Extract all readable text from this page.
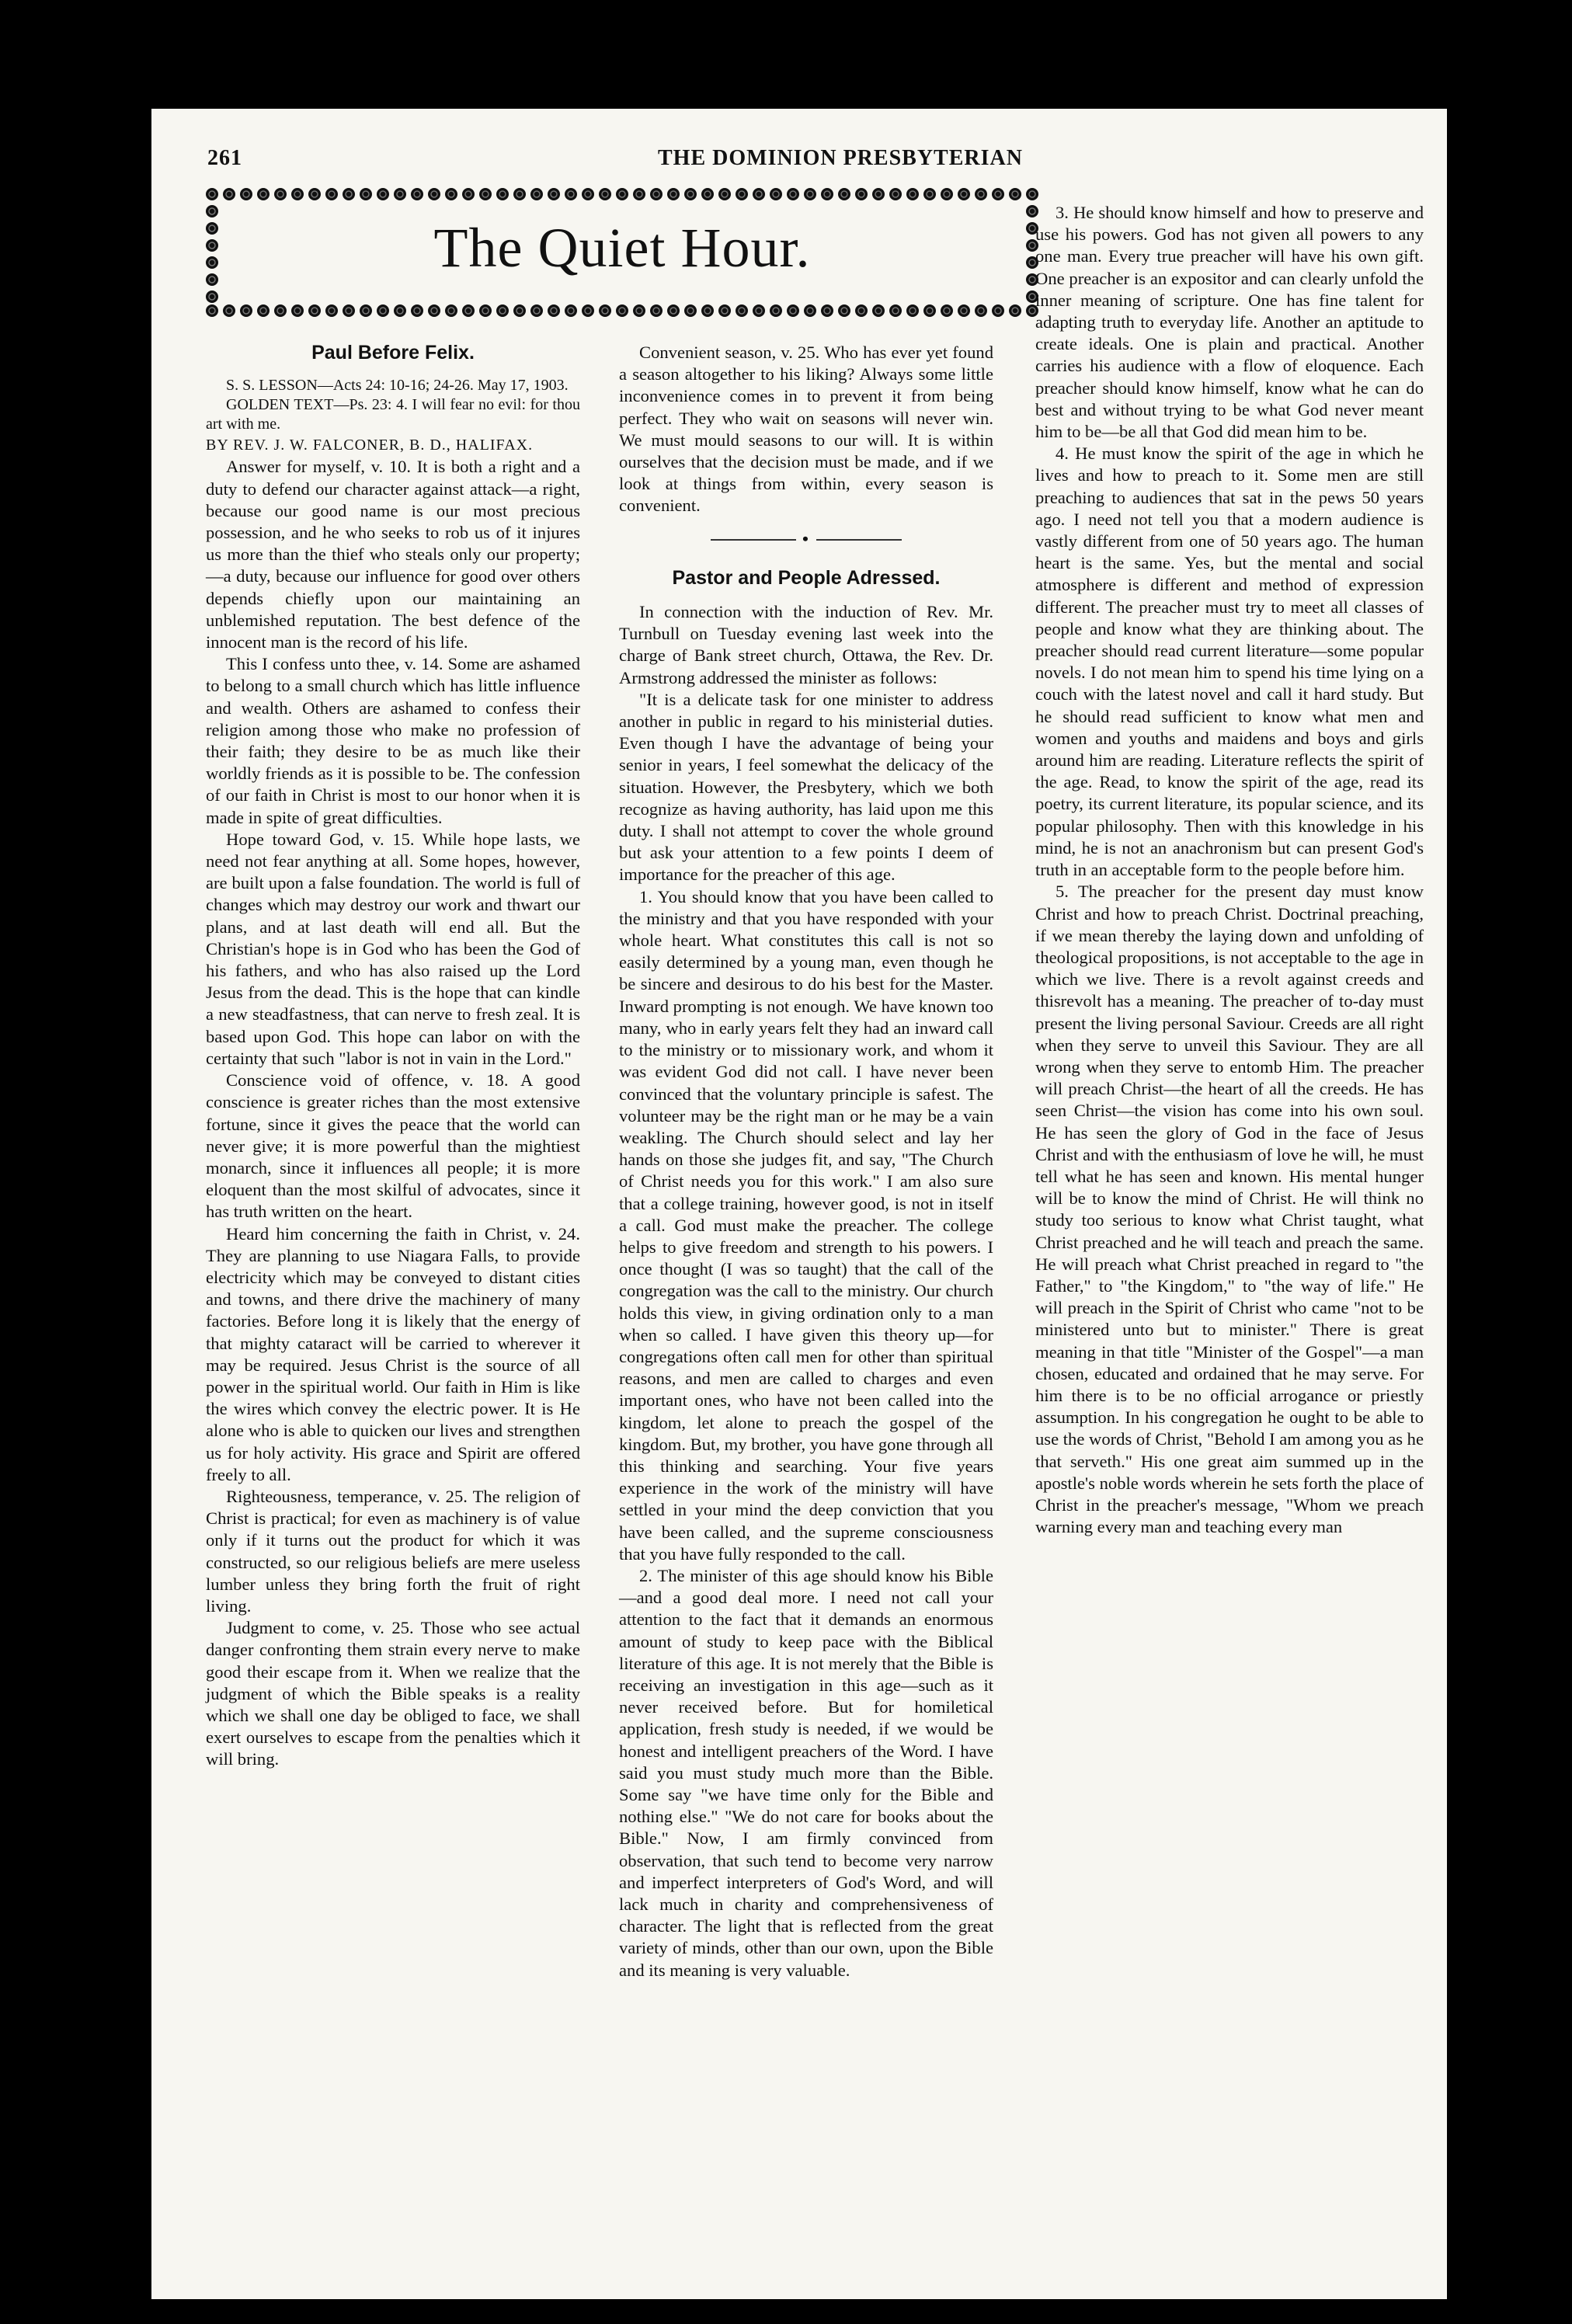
261	THE DOMINION PRESBYTERIAN
The Quiet Hour.
Paul Before Felix.

S. S. LESSON—Acts 24: 10-16; 24-26. May 17, 1903.

GOLDEN TEXT—Ps. 23: 4. I will fear no evil: for thou art with me.

BY REV. J. W. FALCONER, B. D., HALIFAX.

Answer for myself, v. 10. It is both a right and a duty to defend our character against attack—a right, because our good name is our most precious possession, and he who seeks to rob us of it injures us more than the thief who steals only our property; —a duty, because our influence for good over others depends chiefly upon our maintaining an unblemished reputation. The best defence of the innocent man is the record of his life.

This I confess unto thee, v. 14. Some are ashamed to belong to a small church which has little influence and wealth. Others are ashamed to confess their religion among those who make no profession of their faith; they desire to be as much like their worldly friends as it is possible to be. The confession of our faith in Christ is most to our honor when it is made in spite of great difficulties.

Hope toward God, v. 15. While hope lasts, we need not fear anything at all. Some hopes, however, are built upon a false foundation. The world is full of changes which may destroy our work and thwart our plans, and at last death will end all. But the Christian's hope is in God who has been the God of his fathers, and who has also raised up the Lord Jesus from the dead. This is the hope that can kindle a new steadfastness, that can nerve to fresh zeal. It is based upon God. This hope can labor on with the certainty that such "labor is not in vain in the Lord."

Conscience void of offence, v. 18. A good conscience is greater riches than the most extensive fortune, since it gives the peace that the world can never give; it is more powerful than the mightiest monarch, since it influences all people; it is more eloquent than the most skilful of advocates, since it has truth written on the heart.

Heard him concerning the faith in Christ, v. 24. They are planning to use Niagara Falls, to provide electricity which may be conveyed to distant cities and towns, and there drive the machinery of many factories. Before long it is likely that the energy of that mighty cataract will be carried to wherever it may be required. Jesus Christ is the source of all power in the spiritual world. Our faith in Him is like the wires which convey the electric power. It is He alone who is able to quicken our lives and strengthen us for holy activity. His grace and Spirit are offered freely to all.

Righteousness, temperance, v. 25. The religion of Christ is practical; for even as machinery is of value only if it turns out the product for which it was constructed, so our religious beliefs are mere useless lumber unless they bring forth the fruit of right living.

Judgment to come, v. 25. Those who see actual danger confronting them strain every nerve to make good their escape from it. When we realize that the judgment of which the Bible speaks is a reality which we shall one day be obliged to face, we shall exert ourselves to escape from the penalties which it will bring.

Convenient season, v. 25. Who has ever yet found a season altogether to his liking? Always some little inconvenience comes in to prevent it from being perfect. They who wait on seasons will never win. We must mould seasons to our will. It is within ourselves that the decision must be made, and if we look at things from within, every season is convenient.

•
Pastor and People Adressed.

In connection with the induction of Rev. Mr. Turnbull on Tuesday evening last week into the charge of Bank street church, Ottawa, the Rev. Dr. Armstrong addressed the minister as follows:

"It is a delicate task for one minister to address another in public in regard to his ministerial duties. Even though I have the advantage of being your senior in years, I feel somewhat the delicacy of the situation. However, the Presbytery, which we both recognize as having authority, has laid upon me this duty. I shall not attempt to cover the whole ground but ask your attention to a few points I deem of importance for the preacher of this age.

1. You should know that you have been called to the ministry and that you have responded with your whole heart. What constitutes this call is not so easily determined by a young man, even though he be sincere and desirous to do his best for the Master. Inward prompting is not enough. We have known too many, who in early years felt they had an inward call to the ministry or to missionary work, and whom it was evident God did not call. I have never been convinced that the voluntary principle is safest. The volunteer may be the right man or he may be a vain weakling. The Church should select and lay her hands on those she judges fit, and say, "The Church of Christ needs you for this work." I am also sure that a college training, however good, is not in itself a call. God must make the preacher. The college helps to give freedom and strength to his powers. I once thought (I was so taught) that the call of the congregation was the call to the ministry. Our church holds this view, in giving ordination only to a man when so called. I have given this theory up—for congregations often call men for other than spiritual reasons, and men are called to charges and even important ones, who have not been called into the kingdom, let alone to preach the gospel of the kingdom. But, my brother, you have gone through all this thinking and searching. Your five years experience in the work of the ministry will have settled in your mind the deep conviction that you have been called, and the supreme consciousness that you have fully responded to the call.

2. The minister of this age should know his Bible—and a good deal more. I need not call your attention to the fact that it demands an enormous amount of study to keep pace with the Biblical literature of this age. It is not merely that the Bible is receiving an investigation in this age—such as it never received before. But for homiletical application, fresh study is needed, if we would be honest and intelligent preachers of the Word. I have said you must study much more than the Bible. Some say "we have time only for the Bible and nothing else." "We do not care for books about the Bible." Now, I am firmly convinced from observation, that such tend to become very narrow and imperfect interpreters of God's Word, and will lack much in charity and comprehensiveness of character. The light that is reflected from the great variety of minds, other than our own, upon the Bible and its meaning is very valuable.

3. He should know himself and how to preserve and use his powers. God has not given all powers to any one man. Every true preacher will have his own gift. One preacher is an expositor and can clearly unfold the inner meaning of scripture. One has fine talent for adapting truth to everyday life. Another an aptitude to create ideals. One is plain and practical. Another carries his audience with a flow of eloquence. Each preacher should know himself, know what he can do best and without trying to be what God never meant him to be—be all that God did mean him to be.

4. He must know the spirit of the age in which he lives and how to preach to it. Some men are still preaching to audiences that sat in the pews 50 years ago. I need not tell you that a modern audience is vastly different from one of 50 years ago. The human heart is the same. Yes, but the mental and social atmosphere is different and method of expression different. The preacher must try to meet all classes of people and know what they are thinking about. The preacher should read current literature—some popular novels. I do not mean him to spend his time lying on a couch with the latest novel and call it hard study. But he should read sufficient to know what men and women and youths and maidens and boys and girls around him are reading. Literature reflects the spirit of the age. Read, to know the spirit of the age, read its poetry, its current literature, its popular science, and its popular philosophy. Then with this knowledge in his mind, he is not an anachronism but can present God's truth in an acceptable form to the people before him.

5. The preacher for the present day must know Christ and how to preach Christ. Doctrinal preaching, if we mean thereby the laying down and unfolding of theological propositions, is not acceptable to the age in which we live. There is a revolt against creeds and thisrevolt has a meaning. The preacher of to-day must present the living personal Saviour. Creeds are all right when they serve to unveil this Saviour. They are all wrong when they serve to entomb Him. The preacher will preach Christ—the heart of all the creeds. He has seen Christ—the vision has come into his own soul. He has seen the glory of God in the face of Jesus Christ and with the enthusiasm of love he will, he must tell what he has seen and known. His mental hunger will be to know the mind of Christ. He will think no study too serious to know what Christ taught, what Christ preached and he will teach and preach the same. He will preach what Christ preached in regard to "the Father," to "the Kingdom," to "the way of life." He will preach in the Spirit of Christ who came "not to be ministered unto but to minister." There is great meaning in that title "Minister of the Gospel"—a man chosen, educated and ordained that he may serve. For him there is to be no official arrogance or priestly assumption. In his congregation he ought to be able to use the words of Christ, "Behold I am among you as he that serveth." His one great aim summed up in the apostle's noble words wherein he sets forth the place of Christ in the preacher's message, "Whom we preach warning every man and teaching every man
